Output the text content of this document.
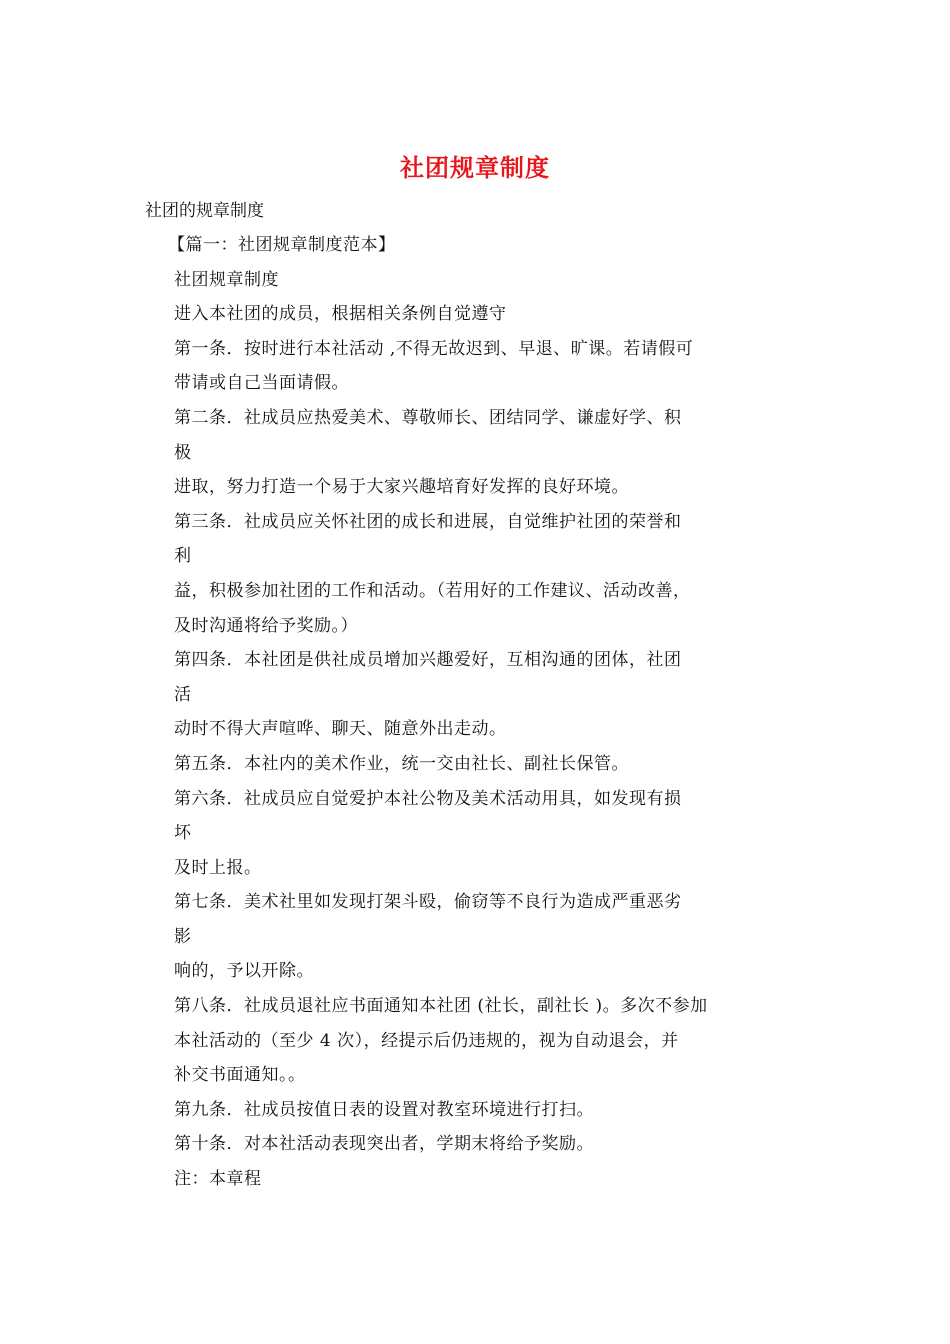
社团规章制度
社团的规章制度
【篇一：社团规章制度范本】
社团规章制度
进入本社团的成员，根据相关条例自觉遵守
第一条．按时进行本社活动 ,不得无故迟到、早退、旷课。若请假可
带请或自己当面请假。
第二条．社成员应热爱美术、尊敬师长、团结同学、谦虚好学、积
极
进取，努力打造一个易于大家兴趣培育好发挥的良好环境。
第三条．社成员应关怀社团的成长和进展，自觉维护社团的荣誉和
利
益，积极参加社团的工作和活动。（若用好的工作建议、活动改善，
及时沟通将给予奖励。）
第四条．本社团是供社成员增加兴趣爱好，互相沟通的团体，社团
活
动时不得大声喧哗、聊天、随意外出走动。
第五条．本社内的美术作业，统一交由社长、副社长保管。
第六条．社成员应自觉爱护本社公物及美术活动用具，如发现有损
坏
及时上报。
第七条．美术社里如发现打架斗殴，偷窃等不良行为造成严重恶劣
影
响的，予以开除。
第八条．社成员退社应书面通知本社团 (社长，副社长 )。多次不参加
本社活动的（至少 4 次），经提示后仍违规的，视为自动退会，并
补交书面通知。。
第九条．社成员按值日表的设置对教室环境进行打扫。
第十条．对本社活动表现突出者，学期末将给予奖励。
注：本章程
